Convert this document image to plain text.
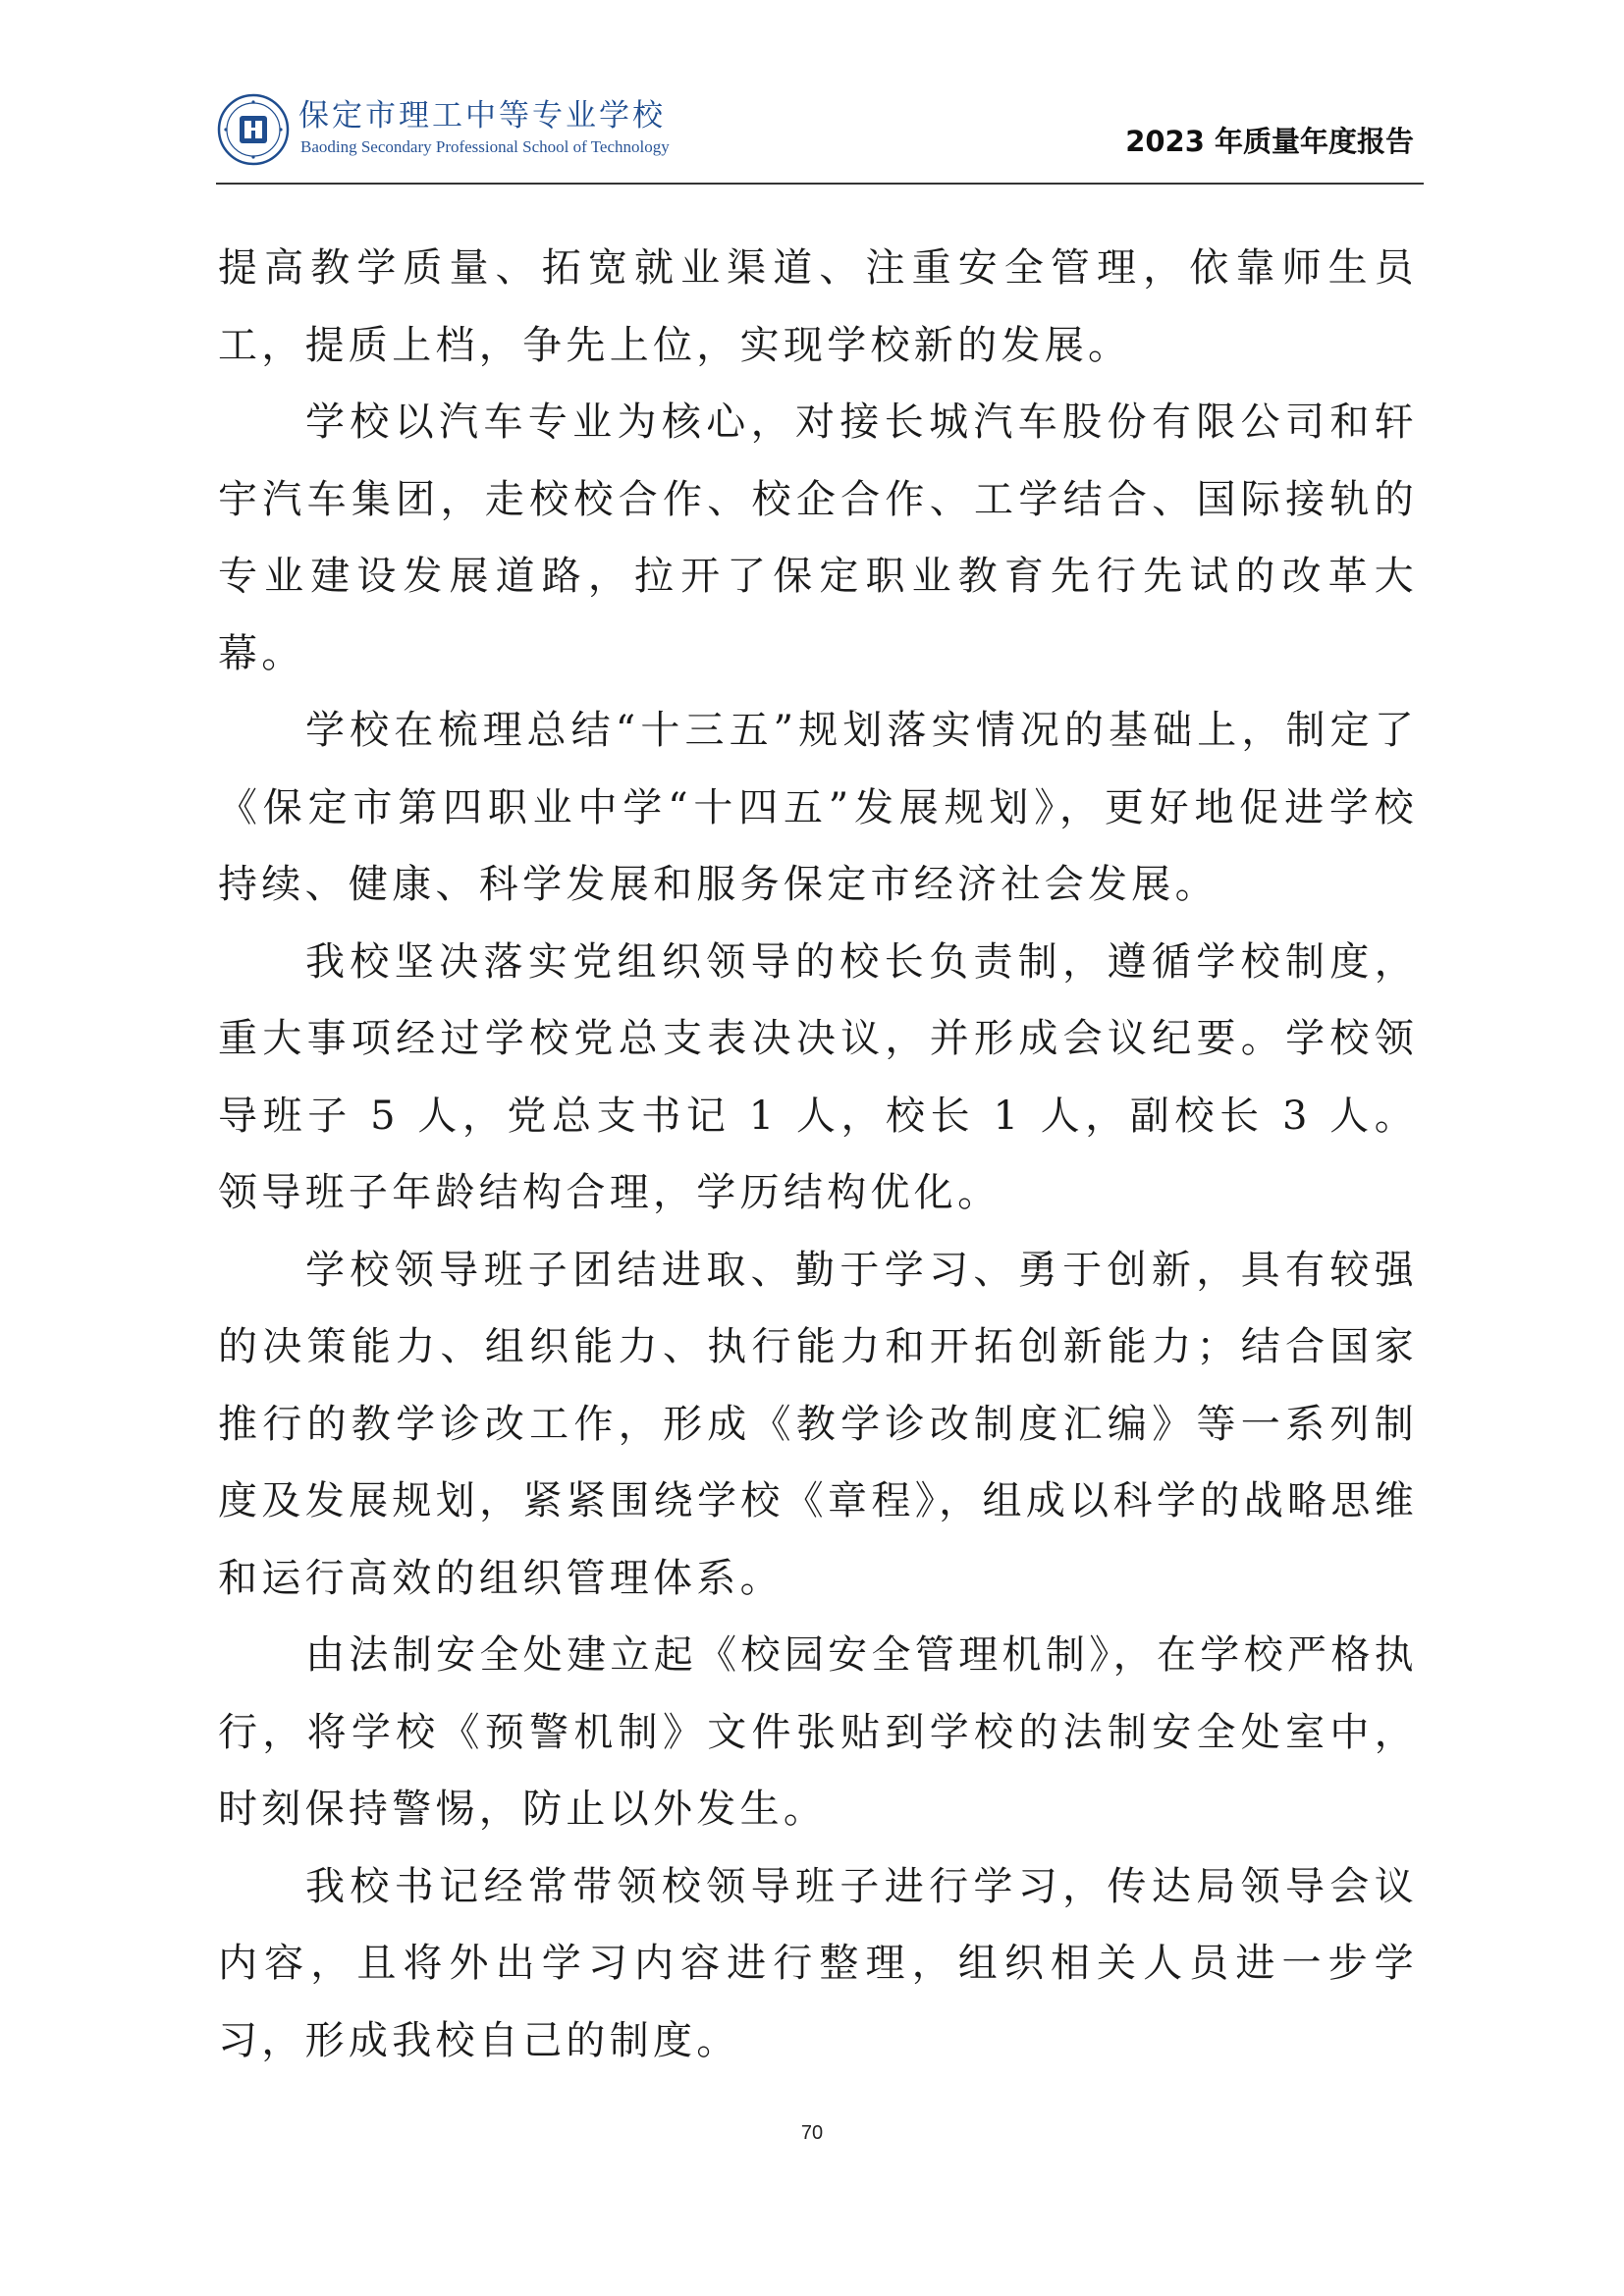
保定市理工中等专业学校
Baoding Secondary Professional School of Technology	2023 年质量年度报告

提高教学质量、拓宽就业渠道、注重安全管理，依靠师生员工，提质上档，争先上位，实现学校新的发展。

学校以汽车专业为核心，对接长城汽车股份有限公司和轩宇汽车集团，走校校合作、校企合作、工学结合、国际接轨的专业建设发展道路，拉开了保定职业教育先行先试的改革大幕。

学校在梳理总结“十三五”规划落实情况的基础上，制定了《保定市第四职业中学“十四五”发展规划》，更好地促进学校持续、健康、科学发展和服务保定市经济社会发展。

我校坚决落实党组织领导的校长负责制，遵循学校制度，重大事项经过学校党总支表决决议，并形成会议纪要。学校领导班子 5 人，党总支书记 1 人，校长 1 人，副校长 3 人。领导班子年龄结构合理，学历结构优化。

学校领导班子团结进取、勤于学习、勇于创新，具有较强的决策能力、组织能力、执行能力和开拓创新能力；结合国家推行的教学诊改工作，形成《教学诊改制度汇编》等一系列制度及发展规划，紧紧围绕学校《章程》，组成以科学的战略思维和运行高效的组织管理体系。

由法制安全处建立起《校园安全管理机制》，在学校严格执行，将学校《预警机制》文件张贴到学校的法制安全处室中，时刻保持警惕，防止以外发生。

我校书记经常带领校领导班子进行学习，传达局领导会议内容，且将外出学习内容进行整理，组织相关人员进一步学习，形成我校自己的制度。

70
